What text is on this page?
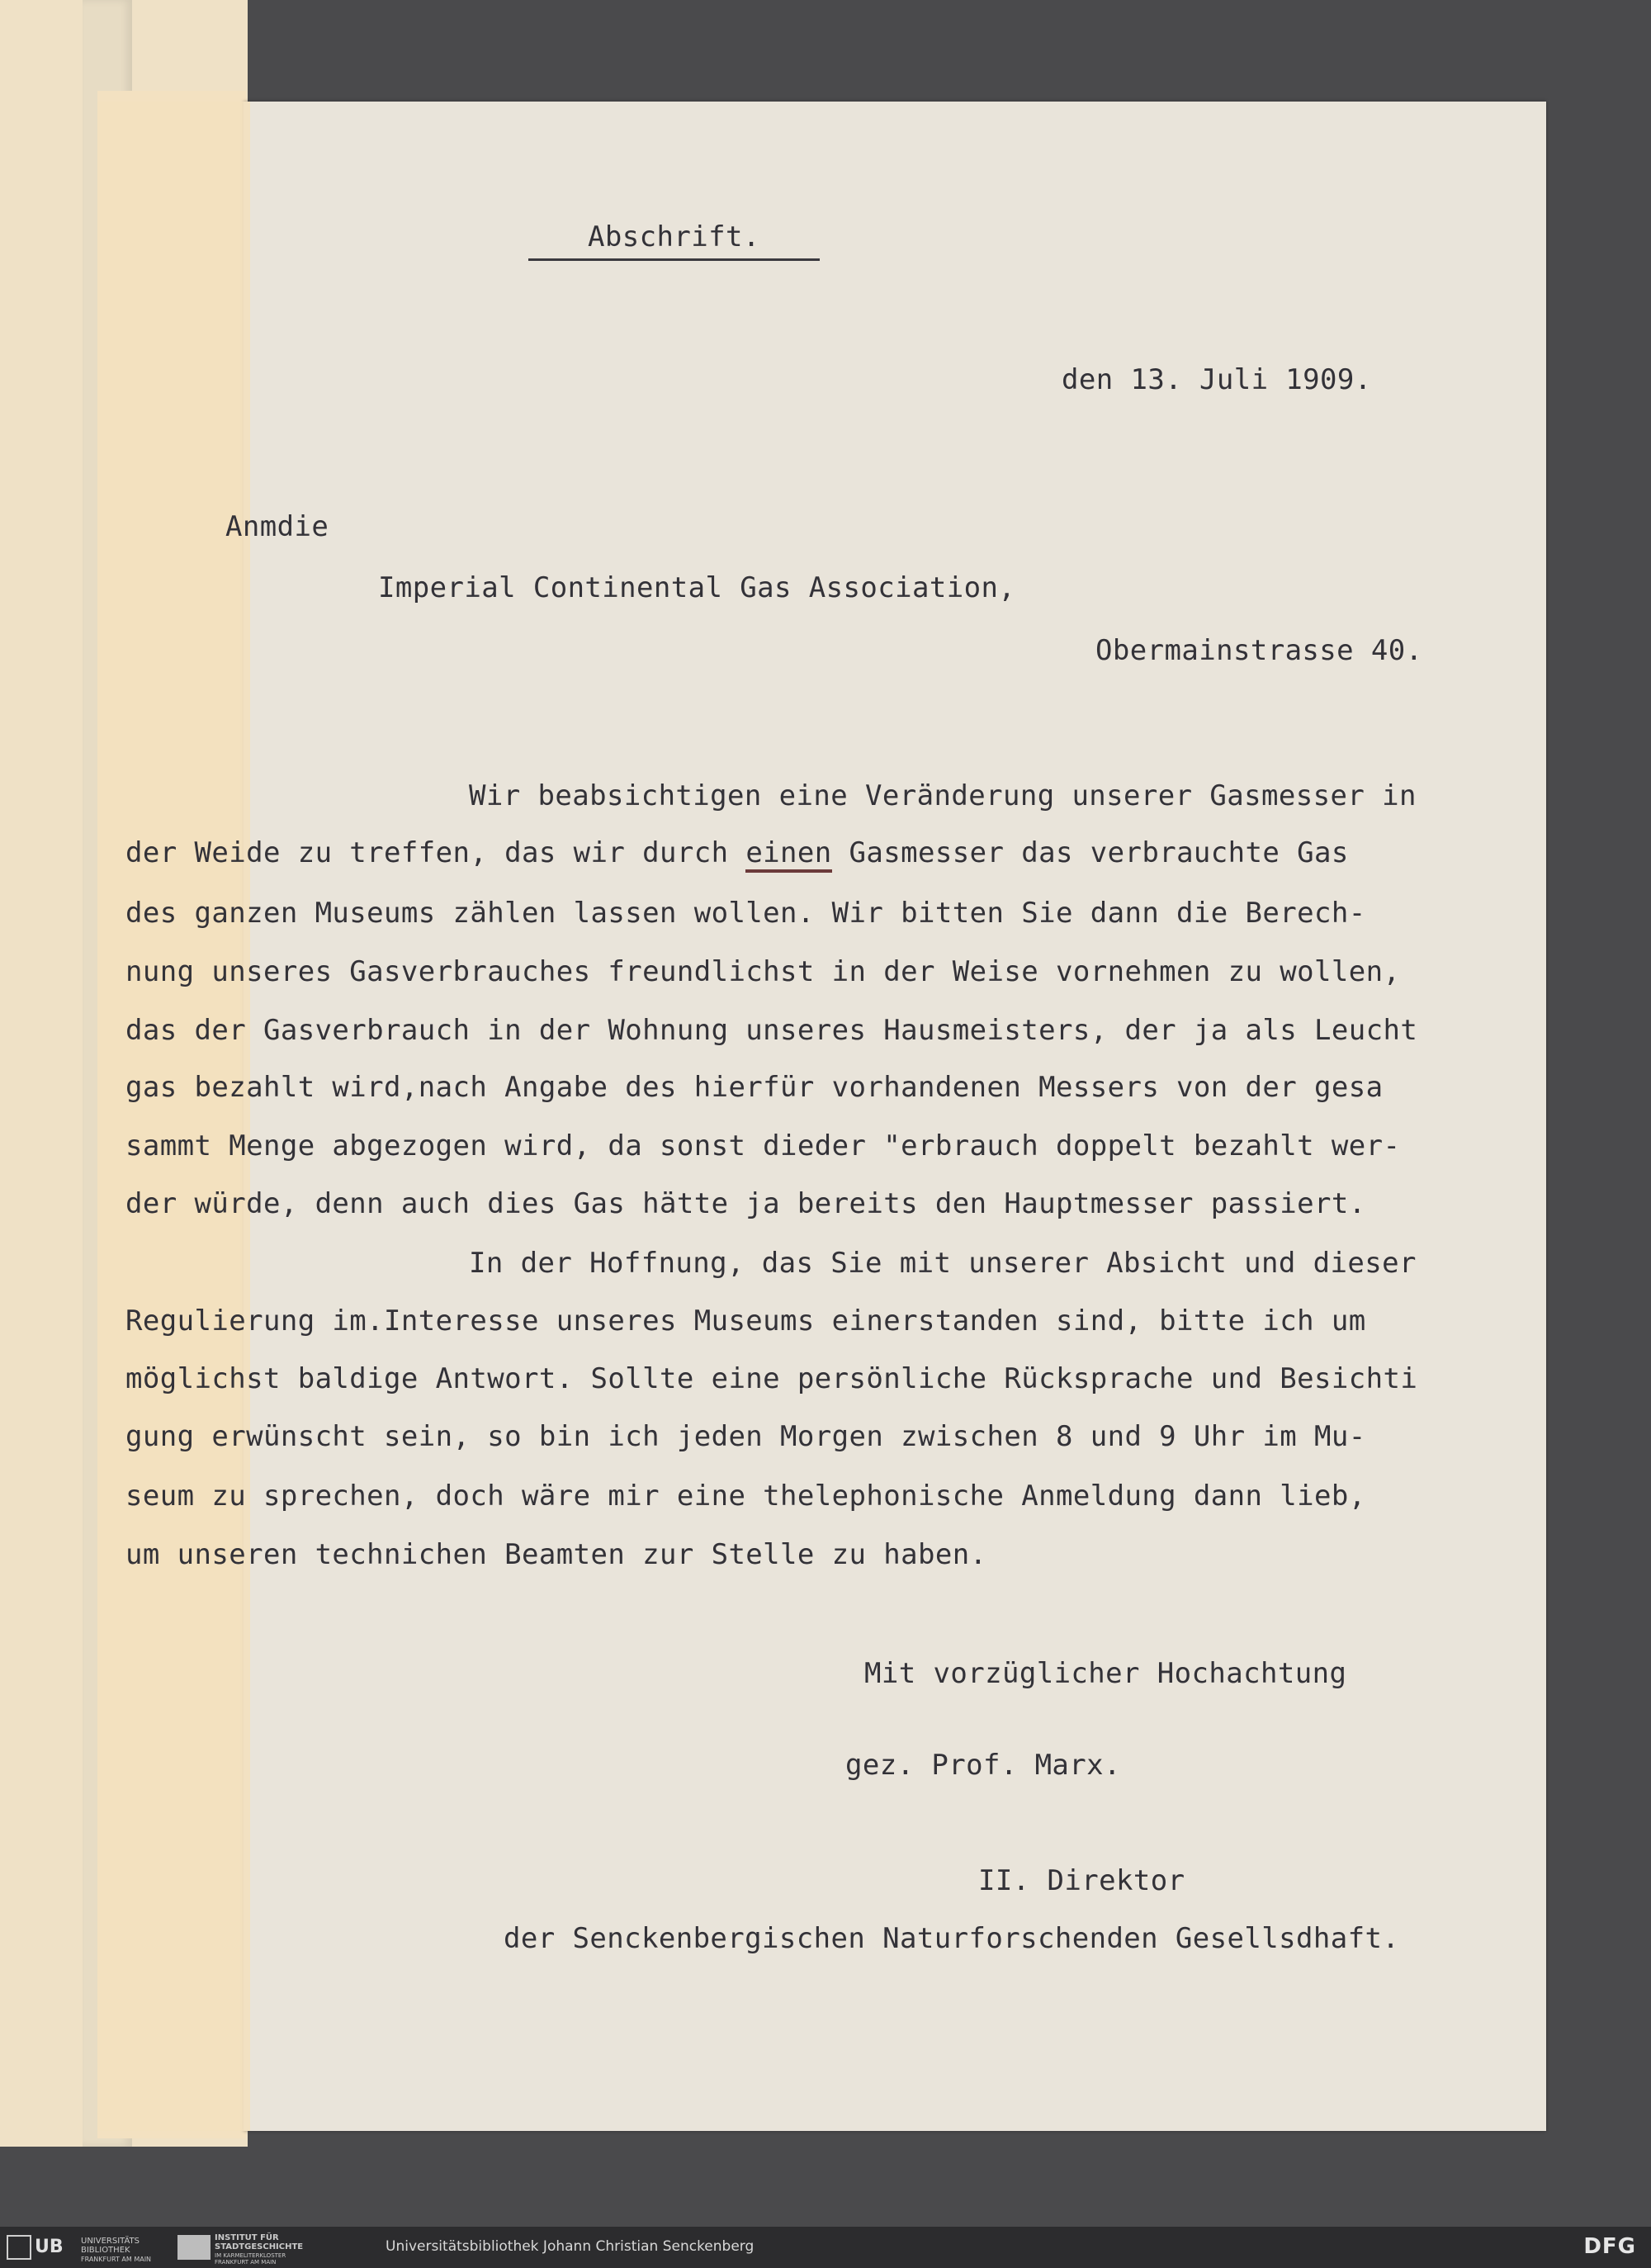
Abschrift.
den 13. Juli 1909.
Anmdie
Imperial Continental Gas Association,
Obermainstrasse 40.
Wir beabsichtigen eine Veränderung unserer Gasmesser in
der Weide zu treffen, das wir durch einen Gasmesser das verbrauchte Gas
des ganzen Museums zählen lassen wollen. Wir bitten Sie dann die Berech-
nung unseres Gasverbrauches freundlichst in der Weise vornehmen zu wollen,
das der Gasverbrauch in der Wohnung unseres Hausmeisters, der ja als Leucht
gas bezahlt wird,nach Angabe des hierfür vorhandenen Messers von der gesa
sammt Menge abgezogen wird, da sonst dieder "erbrauch doppelt bezahlt wer-
der würde, denn auch dies Gas hätte ja bereits den Hauptmesser passiert.
In der Hoffnung, das Sie mit unserer Absicht und dieser
Regulierung im.Interesse unseres Museums einerstanden sind, bitte ich um
möglichst baldige Antwort. Sollte eine persönliche Rücksprache und Besichti
gung erwünscht sein, so bin ich jeden Morgen zwischen 8 und 9 Uhr im Mu-
seum zu sprechen, doch wäre mir eine thelephonische Anmeldung dann lieb,
um unseren technichen Beamten zur Stelle zu haben.
Mit vorzüglicher Hochachtung
gez. Prof. Marx.
II. Direktor
der Senckenbergischen Naturforschenden Gesellsdhaft.
UB UNIVERSITÄTS
BIBLIOTHEK
FRANKFURT AM MAIN
INSTITUT FÜR
STADTGESCHICHTE
IM KARMELITERKLOSTER
FRANKFURT AM MAIN
Universitätsbibliothek Johann Christian Senckenberg	DFG
